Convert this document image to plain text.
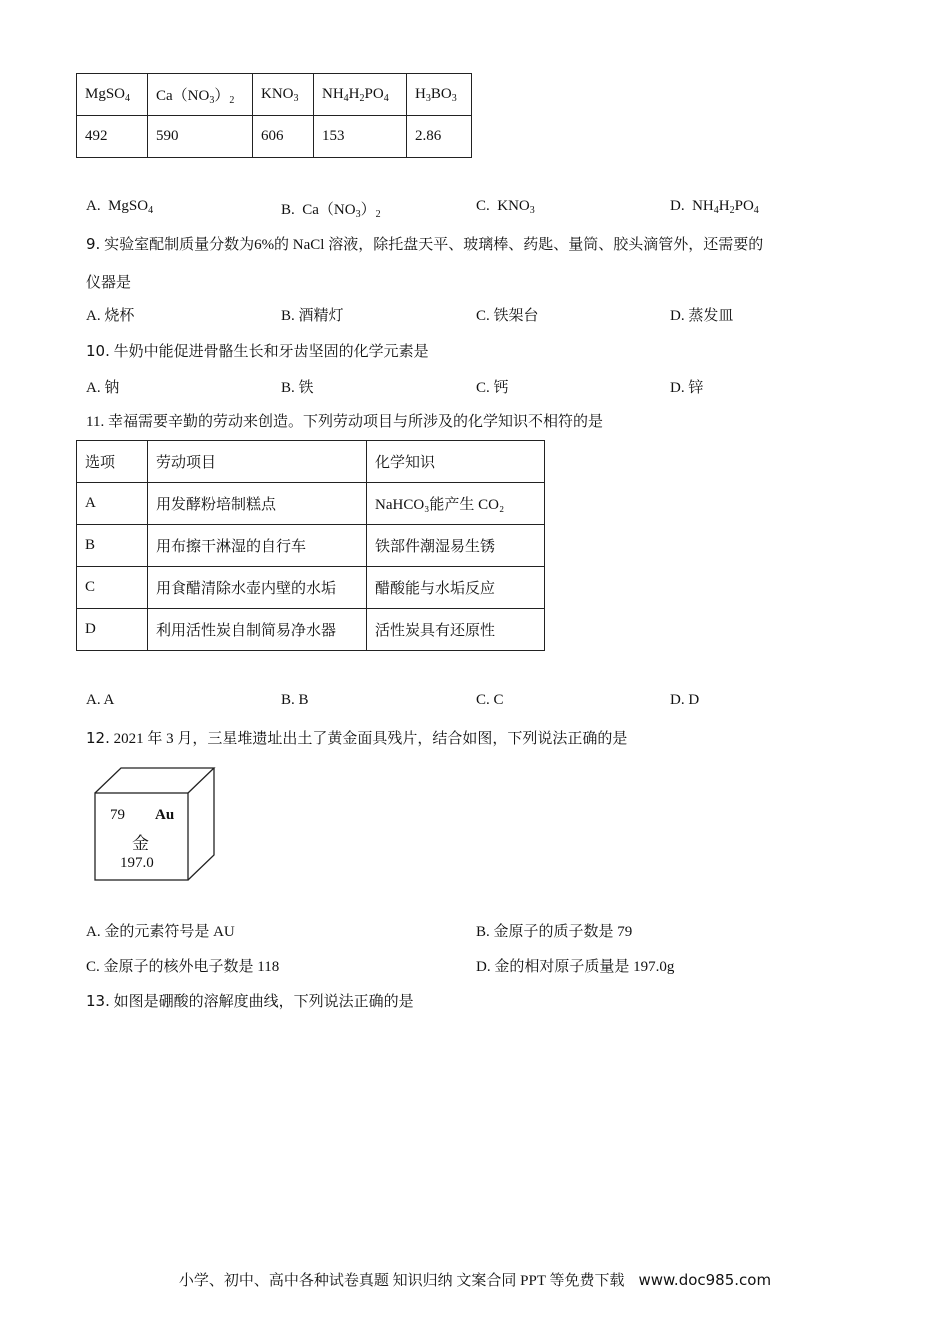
MgSO$_4$	$Ca(NO_3)_2$	$KNO_3$	$NH_4H_2PO_4$	$H_3BO_3$
492	590	606	153	2.86
A. MgSO$_4$	B. $Ca(NO_3)_2$
C. $KNO_3$	D. $NH_4H_2PO_4$
9. 实验室配制质量分数为6%的 NaCl 溶液，除托盘天平、玻璃棒、药匙、量筒、胶头滴管外，还需要的
仪器是
A. 烧杯	B. 酒精灯	C. 铁架台	D. 蒸发皿
10. 牛奶中能促进骨骼生长和牙齿坚固的化学元素是
A. 钠	B. 铁	C. 钙	D. 锌
11. 幸福需要辛勤的劳动来创造。下列劳动项目与所涉及的化学知识不相符的是
选项	劳动项目	化学知识
A	用发酵粉培制糕点	NaHCO₃能产生 CO₂
B	用布擦干淋湿的自行车	铁部件潮湿易生锈
C	用食醋清除水壶内壁的水垢	醋酸能与水垢反应
D	利用活性炭自制简易净水器	活性炭具有还原性
A. A	B. B	C. C	D. D
12. 2021 年 3 月，三星堆遗址出土了黄金面具残片，结合如图，下列说法正确的是
79 Au
金
197.0
A. 金的元素符号是 AU	B. 金原子的质子数是 79
C. 金原子的核外电子数是 118	D. 金的相对原子质量是 197.0g
13. 如图是硼酸的溶解度曲线，下列说法正确的是
小学、初中、高中各种试卷真题 知识归纳 文案合同 PPT 等免费下载 www.doc985.com
